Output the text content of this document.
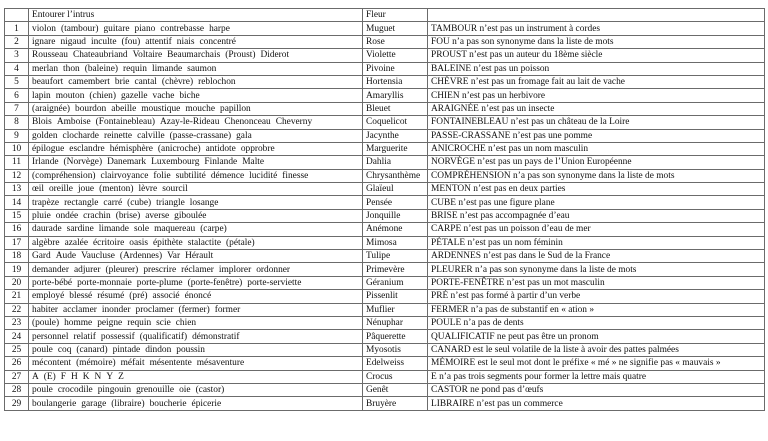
	Entourer l’intrus	Fleur	
1	violon (tambour) guitare piano contrebasse harpe	Muguet	TAMBOUR n’est pas un instrument à cordes
2	ignare nigaud inculte (fou) attentif niais concentré	Rose	FOU n’a pas son synonyme dans la liste de mots
3	Rousseau Chateaubriand Voltaire Beaumarchais (Proust) Diderot	Violette	PROUST n’est pas un auteur du 18ème siècle
4	merlan thon (baleine) requin limande saumon	Pivoine	BALEINE n’est pas un poisson
5	beaufort camembert brie cantal (chèvre) reblochon	Hortensia	CHÈVRE n’est pas un fromage fait au lait de vache
6	lapin mouton (chien) gazelle vache biche	Amaryllis	CHIEN n’est pas un herbivore
7	(araignée) bourdon abeille moustique mouche papillon	Bleuet	ARAIGNÉE n’est pas un insecte
8	Blois Amboise (Fontainebleau) Azay-le-Rideau Chenonceau Cheverny	Coquelicot	FONTAINEBLEAU n’est pas un château de la Loire
9	golden clocharde reinette calville (passe-crassane) gala	Jacynthe	PASSE-CRASSANE n’est pas une pomme
10	épilogue esclandre hémisphère (anicroche) antidote opprobre	Marguerite	ANICROCHE n’est pas un nom masculin
11	Irlande (Norvège) Danemark Luxembourg Finlande Malte	Dahlia	NORVÈGE n’est pas un pays de l’Union Européenne
12	(compréhension) clairvoyance folie subtilité démence lucidité finesse	Chrysanthème	COMPRÉHENSION n’a pas son synonyme dans la liste de mots
13	œil oreille joue (menton) lèvre sourcil	Glaïeul	MENTON n’est pas en deux parties
14	trapèze rectangle carré (cube) triangle losange	Pensée	CUBE n’est pas une figure plane
15	pluie ondée crachin (brise) averse giboulée	Jonquille	BRISE n’est pas accompagnée d’eau
16	daurade sardine limande sole maquereau (carpe)	Anémone	CARPE n’est pas un poisson d’eau de mer
17	algèbre azalée écritoire oasis épithète stalactite (pétale)	Mimosa	PÉTALE n’est pas un nom féminin
18	Gard Aude Vaucluse (Ardennes) Var Hérault	Tulipe	ARDENNES n’est pas dans le Sud de la France
19	demander adjurer (pleurer) prescrire réclamer implorer ordonner	Primevère	PLEURER n’a pas son synonyme dans la liste de mots
20	porte-bébé porte-monnaie porte-plume (porte-fenêtre) porte-serviette	Géranium	PORTE-FENÊTRE n’est pas un mot masculin
21	employé blessé résumé (pré) associé énoncé	Pissenlit	PRÉ n’est pas formé à partir d’un verbe
22	habiter acclamer inonder proclamer (fermer) former	Muflier	FERMER n’a pas de substantif en « ation »
23	(poule) homme peigne requin scie chien	Nénuphar	POULE n’a pas de dents
24	personnel relatif possessif (qualificatif) démonstratif	Pâquerette	QUALIFICATIF ne peut pas être un pronom
25	poule coq (canard) pintade dindon poussin	Myosotis	CANARD est le seul volatile de la liste à avoir des pattes palmées
26	mécontent (mémoire) méfait mésentente mésaventure	Edelweiss	MÉMOIRE est le seul mot dont le préfixe « mé » ne signifie pas « mauvais »
27	A (E) F H K N Y Z	Crocus	E n’a pas trois segments pour former la lettre mais quatre
28	poule crocodile pingouin grenouille oie (castor)	Genêt	CASTOR ne pond pas d’œufs
29	boulangerie garage (libraire) boucherie épicerie	Bruyère	LIBRAIRE n’est pas un commerce
